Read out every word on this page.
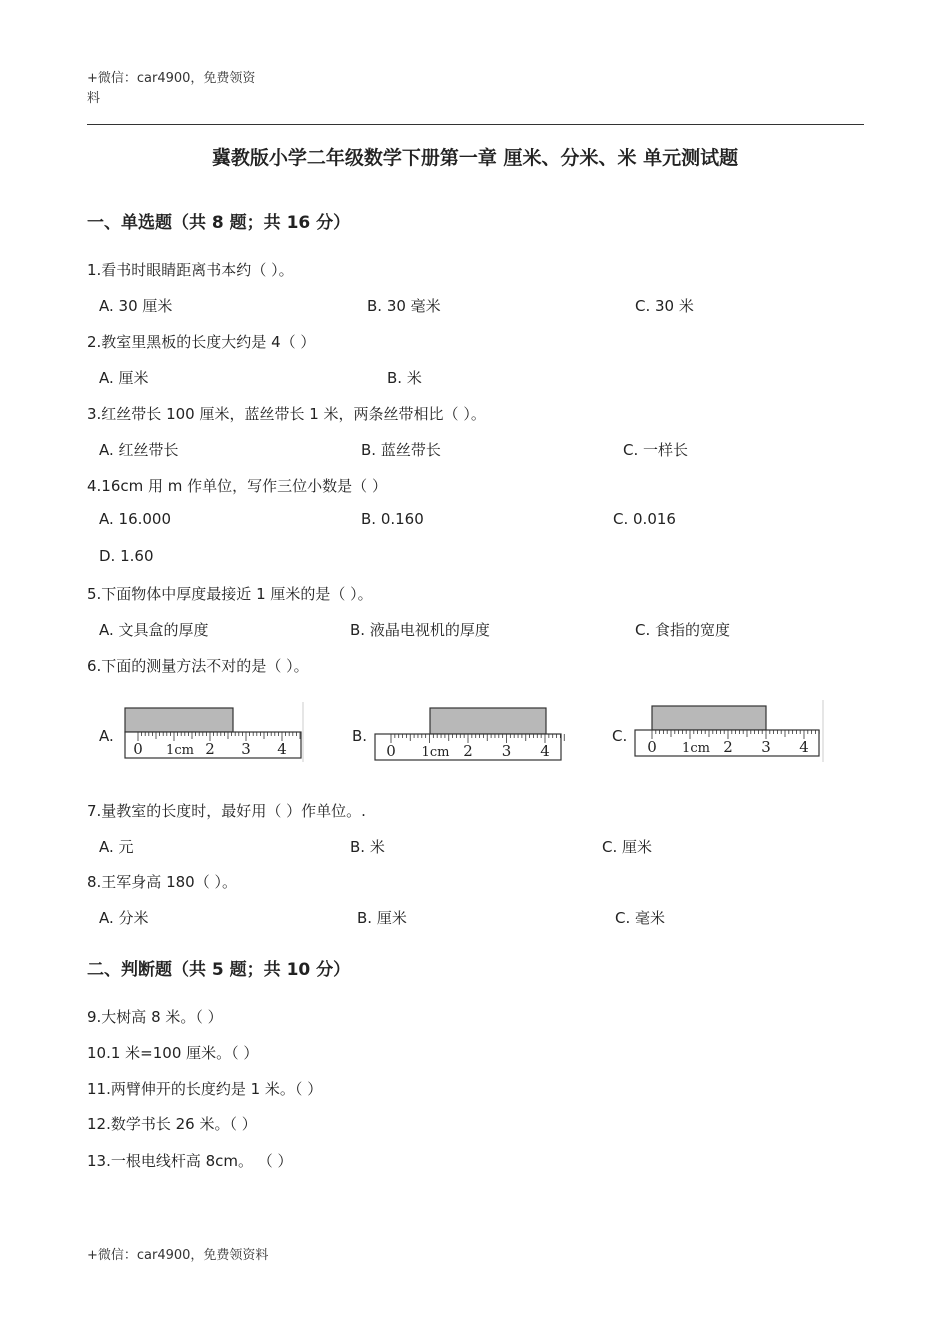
+微信：car4900，免费领资
料
冀教版小学二年级数学下册第一章 厘米、分米、米 单元测试题
一、单选题（共 8 题；共 16 分）
1.看书时眼睛距离书本约（ ）。
A. 30 厘米	B. 30 毫米	C. 30 米
2.教室里黑板的长度大约是 4（ ）
A. 厘米	B. 米
3.红丝带长 100 厘米，蓝丝带长 1 米，两条丝带相比（ ）。
A. 红丝带长	B. 蓝丝带长	C. 一样长
4.16cm 用 m 作单位，写作三位小数是（ ）
A. 16.000	B. 0.160	C. 0.016
D. 1.60
5.下面物体中厚度最接近 1 厘米的是（ ）。
A. 文具盒的厚度	B. 液晶电视机的厚度	C. 食指的宽度
6.下面的测量方法不对的是（ ）。
A.
0 1cm 2 3 4
B.
0 1cm 2 3 4
C.
0 1cm 2 3 4
7.量教室的长度时，最好用（ ）作单位。.
A. 元	B. 米	C. 厘米
8.王军身高 180（ ）。
A. 分米	B. 厘米	C. 毫米
二、判断题（共 5 题；共 10 分）
9.大树高 8 米。（ ）
10.1 米=100 厘米。（ ）
11.两臂伸开的长度约是 1 米。（ ）
12.数学书长 26 米。（ ）
13.一根电线杆高 8cm。 （ ）
+微信：car4900，免费领资料
